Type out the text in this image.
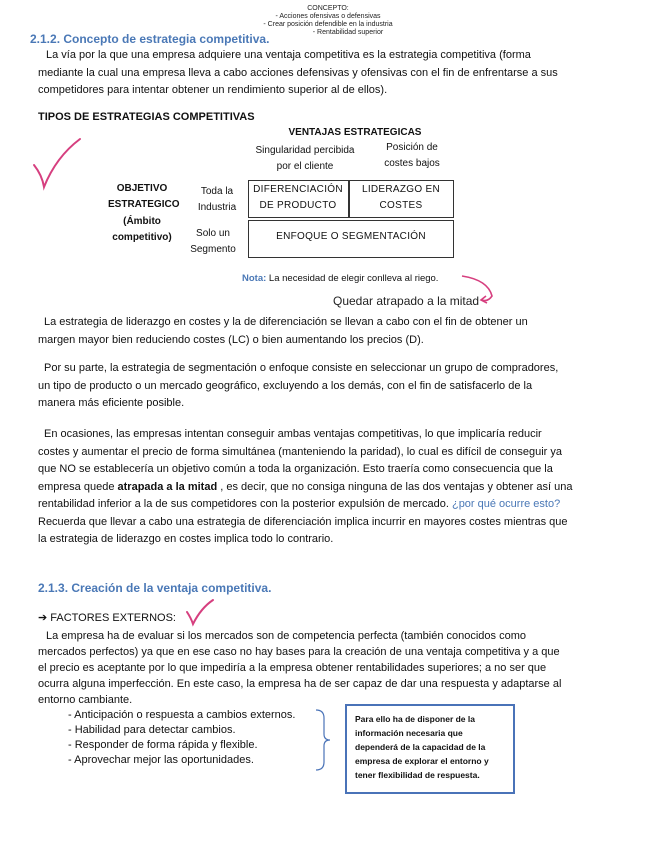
CONCEPTO:
- Acciones ofensivas o defensivas
- Crear posición defendible en la industria
- Rentabilidad superior
2.1.2. Concepto de estrategia competitiva.
La vía por la que una empresa adquiere una ventaja competitiva es la estrategia competitiva (forma mediante la cual una empresa lleva a cabo acciones defensivas y ofensivas con el fin de enfrentarse a sus competidores para intentar obtener un rendimiento superior al de ellos).
TIPOS DE ESTRATEGIAS COMPETITIVAS
VENTAJAS ESTRATEGICAS
Singularidad percibida por el cliente
Posición de costes bajos
OBJETIVO ESTRATEGICO
(Ámbito competitivo)
Toda la Industria
Solo un Segmento
DIFERENCIACIÓN DE PRODUCTO
LIDERAZGO EN COSTES
ENFOQUE O SEGMENTACIÓN
Nota: La necesidad de elegir conlleva al riego.
Quedar atrapado a la mitad
La estrategia de liderazgo en costes y la de diferenciación se llevan a cabo con el fin de obtener un margen mayor bien reduciendo costes (LC) o bien aumentando los precios (D).
Por su parte, la estrategia de segmentación o enfoque consiste en seleccionar un grupo de compradores, un tipo de producto o un mercado geográfico, excluyendo a los demás, con el fin de satisfacerlo de la manera más eficiente posible.
En ocasiones, las empresas intentan conseguir ambas ventajas competitivas, lo que implicaría reducir costes y aumentar el precio de forma simultánea (manteniendo la paridad), lo cual es difícil de conseguir ya que NO se establecería un objetivo común a toda la organización. Esto traería como consecuencia que la empresa quede atrapada a la mitad , es decir, que no consiga ninguna de las dos ventajas y obtener así una rentabilidad inferior a la de sus competidores con la posterior expulsión de mercado. ¿por qué ocurre esto? Recuerda que llevar a cabo una estrategia de diferenciación implica incurrir en mayores costes mientras que la estrategia de liderazgo en costes implica todo lo contrario.
2.1.3. Creación de la ventaja competitiva.
➔ FACTORES EXTERNOS:
La empresa ha de evaluar si los mercados son de competencia perfecta (también conocidos como mercados perfectos) ya que en ese caso no hay bases para la creación de una ventaja competitiva y a que el precio es aceptante por lo que impediría a la empresa obtener rentabilidades superiores; a no ser que ocurra alguna imperfección. En este caso, la empresa ha de ser capaz de dar una respuesta y adaptarse al entorno cambiante.
- Anticipación o respuesta a cambios externos.
- Habilidad para detectar cambios.
- Responder de forma rápida y flexible.
- Aprovechar mejor las oportunidades.
Para ello ha de disponer de la información necesaria que dependerá de la capacidad de la empresa de explorar el entorno y tener flexibilidad de respuesta.
